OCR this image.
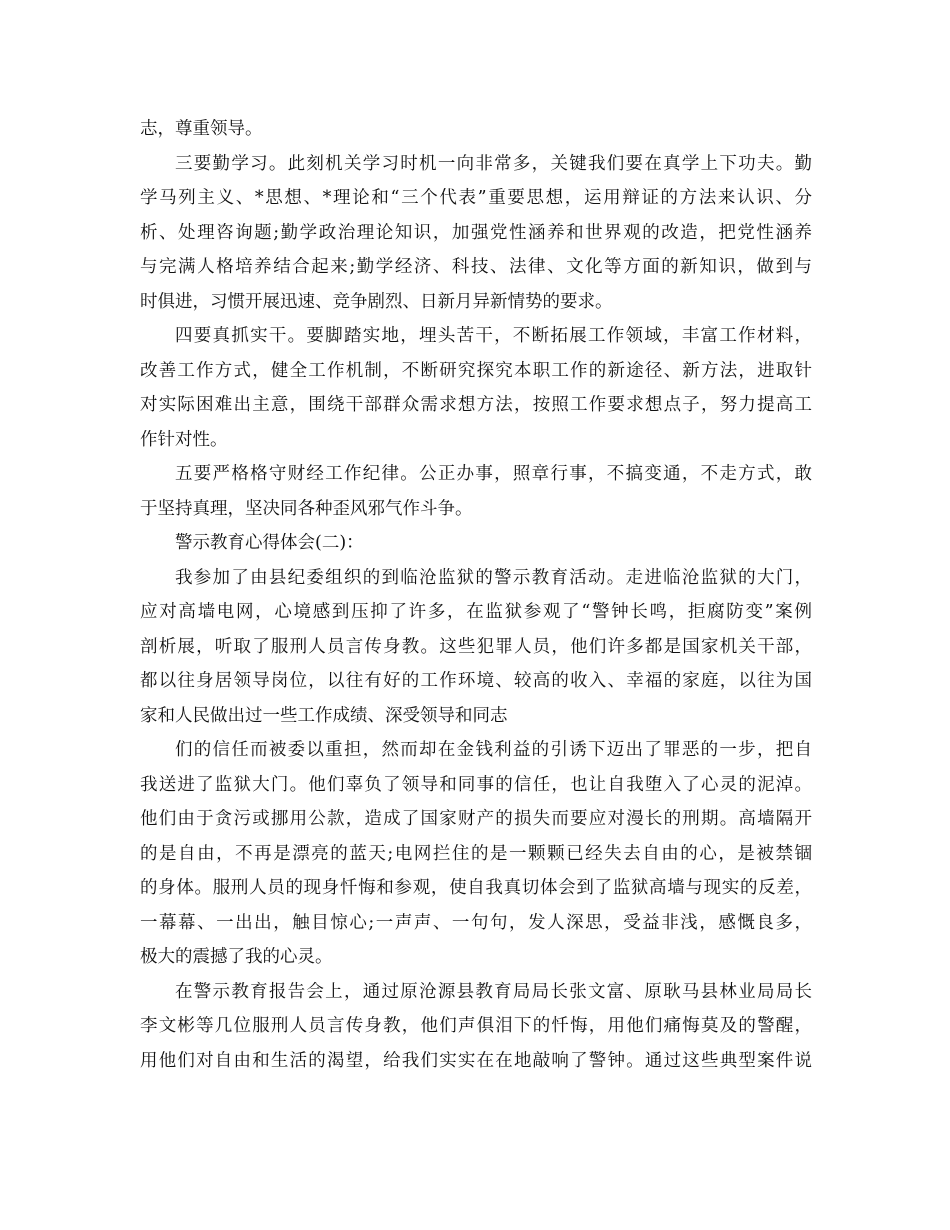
志，尊重领导。
三要勤学习。此刻机关学习时机一向非常多，关键我们要在真学上下功夫。勤
学马列主义、*思想、*理论和“三个代表”重要思想，运用辩证的方法来认识、分
析、处理咨询题;勤学政治理论知识，加强党性涵养和世界观的改造，把党性涵养
与完满人格培养结合起来;勤学经济、科技、法律、文化等方面的新知识，做到与
时俱进，习惯开展迅速、竞争剧烈、日新月异新情势的要求。
四要真抓实干。要脚踏实地，埋头苦干，不断拓展工作领域，丰富工作材料，
改善工作方式，健全工作机制，不断研究探究本职工作的新途径、新方法，进取针
对实际困难出主意，围绕干部群众需求想方法，按照工作要求想点子，努力提高工
作针对性。
五要严格格守财经工作纪律。公正办事，照章行事，不搞变通，不走方式，敢
于坚持真理，坚决同各种歪风邪气作斗争。
警示教育心得体会(二)：
我参加了由县纪委组织的到临沧监狱的警示教育活动。走进临沧监狱的大门，
应对高墙电网，心境感到压抑了许多，在监狱参观了“警钟长鸣，拒腐防变”案例
剖析展，听取了服刑人员言传身教。这些犯罪人员，他们许多都是国家机关干部，
都以往身居领导岗位，以往有好的工作环境、较高的收入、幸福的家庭，以往为国
家和人民做出过一些工作成绩、深受领导和同志
们的信任而被委以重担，然而却在金钱利益的引诱下迈出了罪恶的一步，把自
我送进了监狱大门。他们辜负了领导和同事的信任，也让自我堕入了心灵的泥淖。
他们由于贪污或挪用公款，造成了国家财产的损失而要应对漫长的刑期。高墙隔开
的是自由，不再是漂亮的蓝天;电网拦住的是一颗颗已经失去自由的心，是被禁锢
的身体。服刑人员的现身忏悔和参观，使自我真切体会到了监狱高墙与现实的反差，
一幕幕、一出出，触目惊心;一声声、一句句，发人深思，受益非浅，感慨良多，
极大的震撼了我的心灵。
在警示教育报告会上，通过原沧源县教育局局长张文富、原耿马县林业局局长
李文彬等几位服刑人员言传身教，他们声俱泪下的忏悔，用他们痛悔莫及的警醒，
用他们对自由和生活的渴望，给我们实实在在地敲响了警钟。通过这些典型案件说
